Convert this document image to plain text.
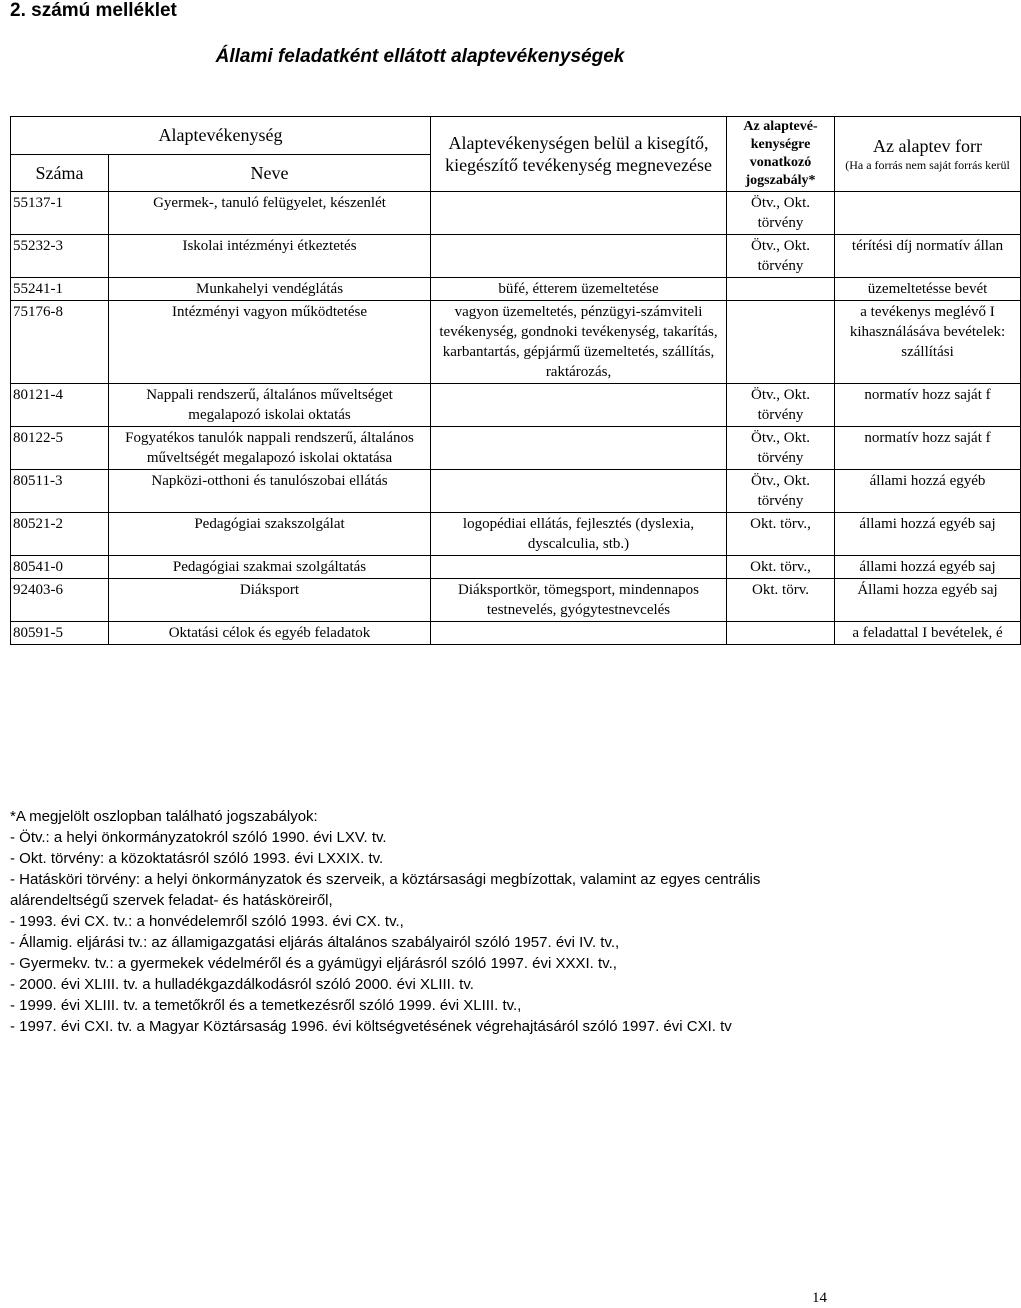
2. számú melléklet
Állami feladatként ellátott alaptevékenységek
Alaptevékenység		Alaptevékenységen belül a kisegítő, kiegészítő tevékenység megnevezése	Az alaptevé-kenységre vonatkozó jogszabály*	Az alaptev forr
(Ha a forrás nem saját forrás kerül

Száma	Neve			
55137-1	Gyermek-, tanuló felügyelet, készenlét		Ötv., Okt. törvény	
55232-3	Iskolai intézményi étkeztetés		Ötv., Okt. törvény	térítési díj normatív állan
55241-1	Munkahelyi vendéglátás	büfé, étterem üzemeltetése		üzemeltetésse bevét
75176-8	Intézményi vagyon működtetése	vagyon üzemeltetés, pénzügyi-számviteli tevékenység, gondnoki tevékenység, takarítás, karbantartás, gépjármű üzemeltetés, szállítás, raktározás,		a tevékenys meglévő I kihasználásáva bevételek: szállítási
80121-4	Nappali rendszerű, általános műveltséget megalapozó iskolai oktatás		Ötv., Okt. törvény	normatív hozz saját f
80122-5	Fogyatékos tanulók nappali rendszerű, általános műveltségét megalapozó iskolai oktatása		Ötv., Okt. törvény	normatív hozz saját f
80511-3	Napközi-otthoni és tanulószobai ellátás		Ötv., Okt. törvény	állami hozzá egyéb
80521-2	Pedagógiai szakszolgálat	logopédiai ellátás, fejlesztés (dyslexia, dyscalculia, stb.)	Okt. törv.,	állami hozzá egyéb saj
80541-0	Pedagógiai szakmai szolgáltatás		Okt. törv.,	állami hozzá egyéb saj
92403-6	Diáksport	Diáksportkör, tömegsport, mindennapos testnevelés, gyógytestnevcelés	Okt. törv.	Állami hozza egyéb saj
80591-5	Oktatási célok és egyéb feladatok			a feladattal I bevételek, é
*A megjelölt oszlopban található jogszabályok:
- Ötv.: a helyi önkormányzatokról szóló 1990. évi LXV. tv.
- Okt. törvény: a közoktatásról szóló 1993. évi LXXIX. tv.
- Hatásköri törvény: a helyi önkormányzatok és szerveik, a köztársasági megbízottak, valamint az egyes centrális alárendeltségű szervek feladat- és hatásköreiről,
- 1993. évi CX. tv.: a honvédelemről szóló 1993. évi CX. tv.,
- Államig. eljárási tv.: az államigazgatási eljárás általános szabályairól szóló 1957. évi IV. tv.,
- Gyermekv. tv.: a gyermekek védelméről és a gyámügyi eljárásról szóló 1997. évi XXXI. tv.,
- 2000. évi XLIII. tv. a hulladékgazdálkodásról szóló 2000. évi XLIII. tv.
- 1999. évi XLIII. tv. a temetőkről és a temetkezésről szóló 1999. évi XLIII. tv.,
- 1997. évi CXI. tv. a Magyar Köztársaság 1996. évi költségvetésének végrehajtásáról szóló 1997. évi CXI. tv
14
